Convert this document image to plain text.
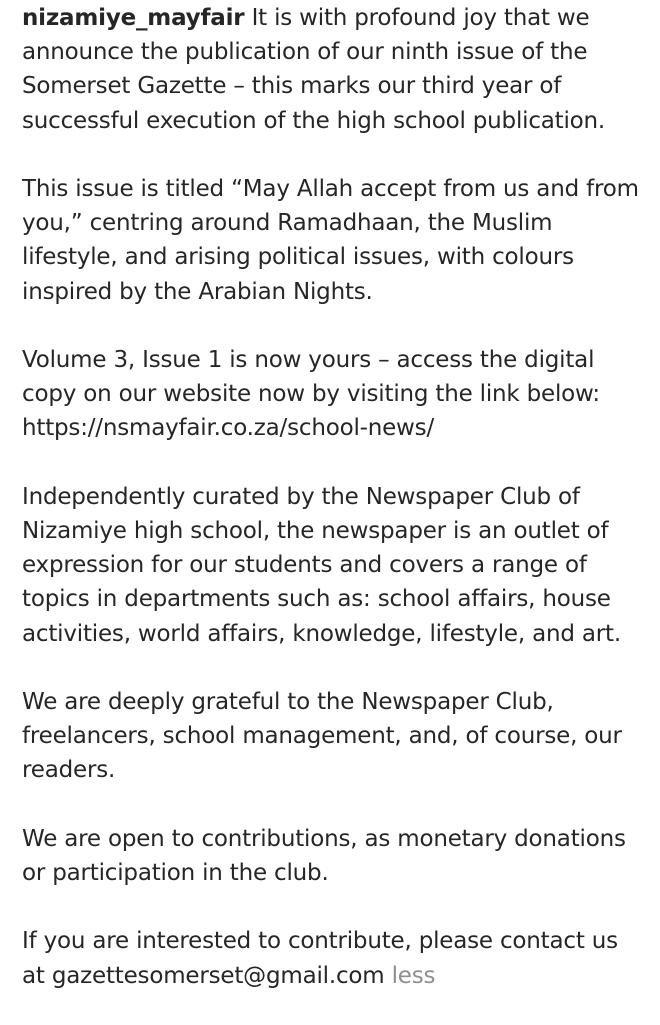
nizamiye_mayfair It is with profound joy that we announce the publication of our ninth issue of the Somerset Gazette – this marks our third year of successful execution of the high school publication.

This issue is titled “May Allah accept from us and from you,” centring around Ramadhaan, the Muslim lifestyle, and arising political issues, with colours inspired by the Arabian Nights.

Volume 3, Issue 1 is now yours – access the digital copy on our website now by visiting the link below:
https://nsmayfair.co.za/school-news/

Independently curated by the Newspaper Club of Nizamiye high school, the newspaper is an outlet of expression for our students and covers a range of topics in departments such as: school affairs, house activities, world affairs, knowledge, lifestyle, and art.

We are deeply grateful to the Newspaper Club, freelancers, school management, and, of course, our readers.

We are open to contributions, as monetary donations or participation in the club.

If you are interested to contribute, please contact us at gazettesomerset@gmail.com less
